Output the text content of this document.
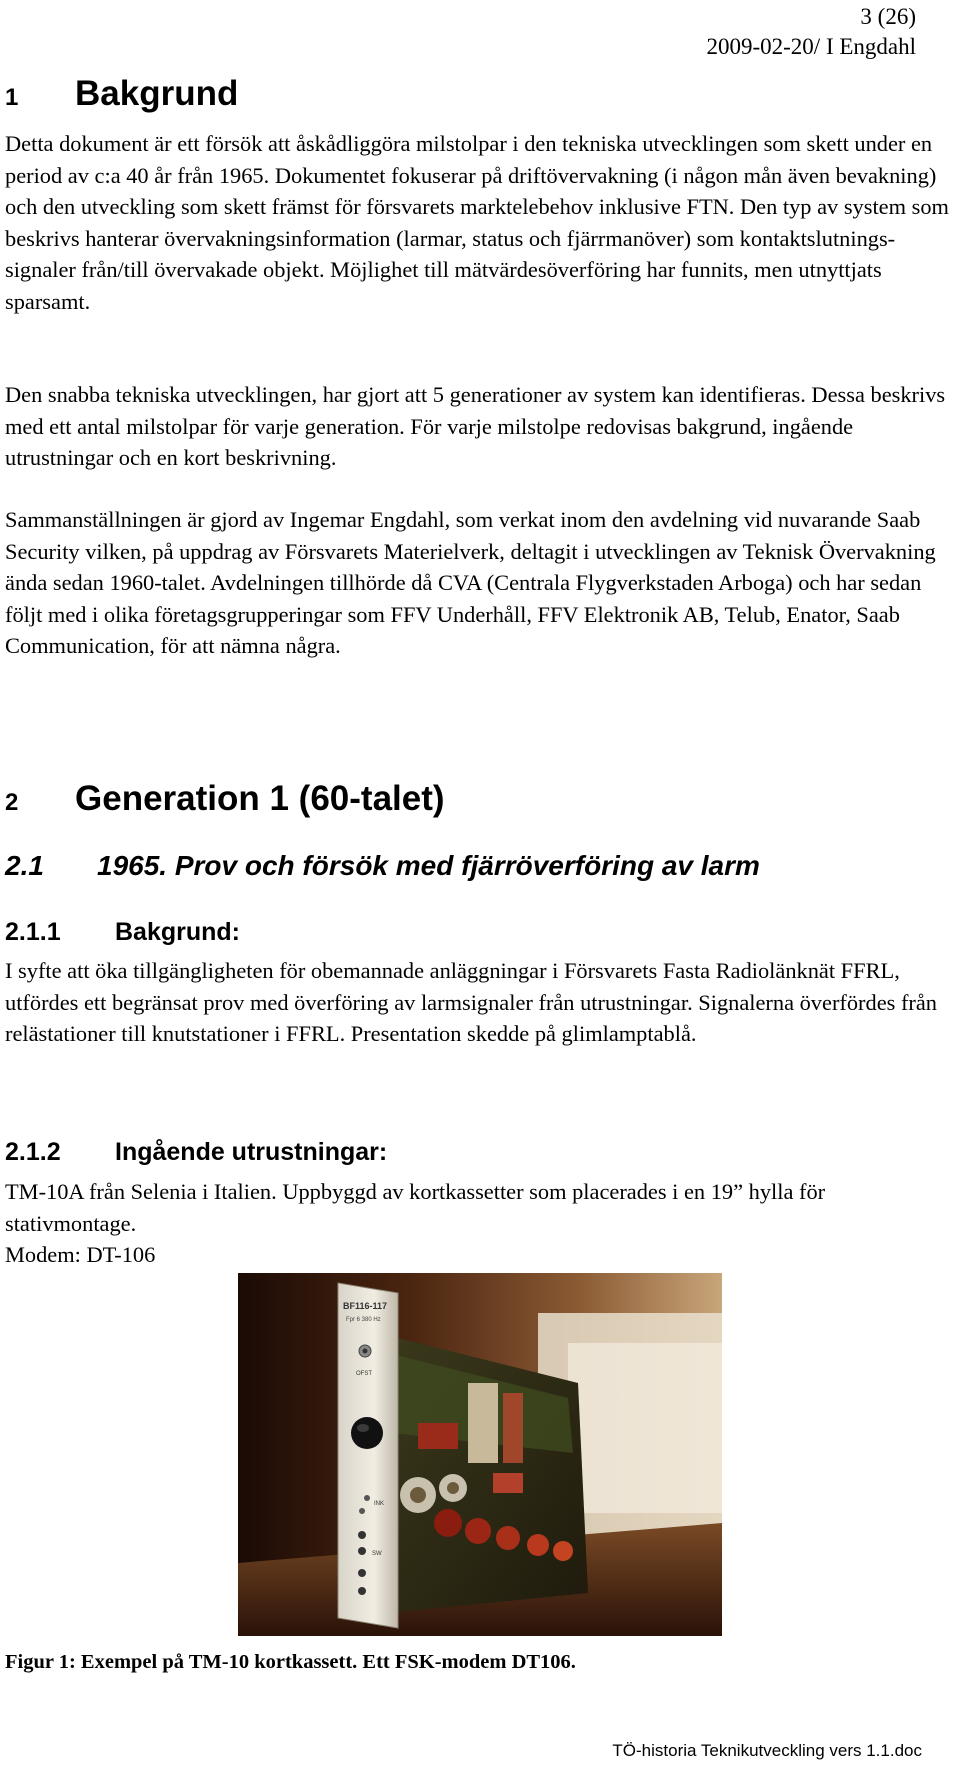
3 (26)
2009-02-20/ I Engdahl
1 Bakgrund

Detta dokument är ett försök att åskådliggöra milstolpar i den tekniska utvecklingen som skett under en period av c:a 40 år från 1965. Dokumentet fokuserar på driftövervakning (i någon mån även bevakning) och den utveckling som skett främst för försvarets marktelebehov inklusive FTN. Den typ av system som beskrivs hanterar övervakningsinformation (larmar, status och fjärrmanöver) som kontaktslutnings-signaler från/till övervakade objekt. Möjlighet till mätvärdesöverföring har funnits, men utnyttjats sparsamt.

Den snabba tekniska utvecklingen, har gjort att 5 generationer av system kan identifieras. Dessa beskrivs med ett antal milstolpar för varje generation. För varje milstolpe redovisas bakgrund, ingående utrustningar och en kort beskrivning.

Sammanställningen är gjord av Ingemar Engdahl, som verkat inom den avdelning vid nuvarande Saab Security vilken, på uppdrag av Försvarets Materielverk, deltagit i utvecklingen av Teknisk Övervakning ända sedan 1960-talet. Avdelningen tillhörde då CVA (Centrala Flygverkstaden Arboga) och har sedan följt med i olika företagsgrupperingar som FFV Underhåll, FFV Elektronik AB, Telub, Enator, Saab Communication, för att nämna några.

2 Generation 1 (60-talet)
2.1 1965. Prov och försök med fjärröverföring av larm
2.1.1 Bakgrund:

I syfte att öka tillgängligheten för obemannade anläggningar i Försvarets Fasta Radiolänknät FFRL, utfördes ett begränsat prov med överföring av larmsignaler från utrustningar. Signalerna överfördes från relästationer till knutstationer i FFRL. Presentation skedde på glimlamptablå.

2.1.2 Ingående utrustningar:

TM-10A från Selenia i Italien. Uppbyggd av kortkassetter som placerades i en 19” hylla för stativmontage.

Modem: DT-106

BF116-117
Fpr 6 380 Hz
OFST
INK
SW

Figur 1: Exempel på TM-10 kortkassett. Ett FSK-modem DT106.

TÖ-historia Teknikutveckling vers 1.1.doc
